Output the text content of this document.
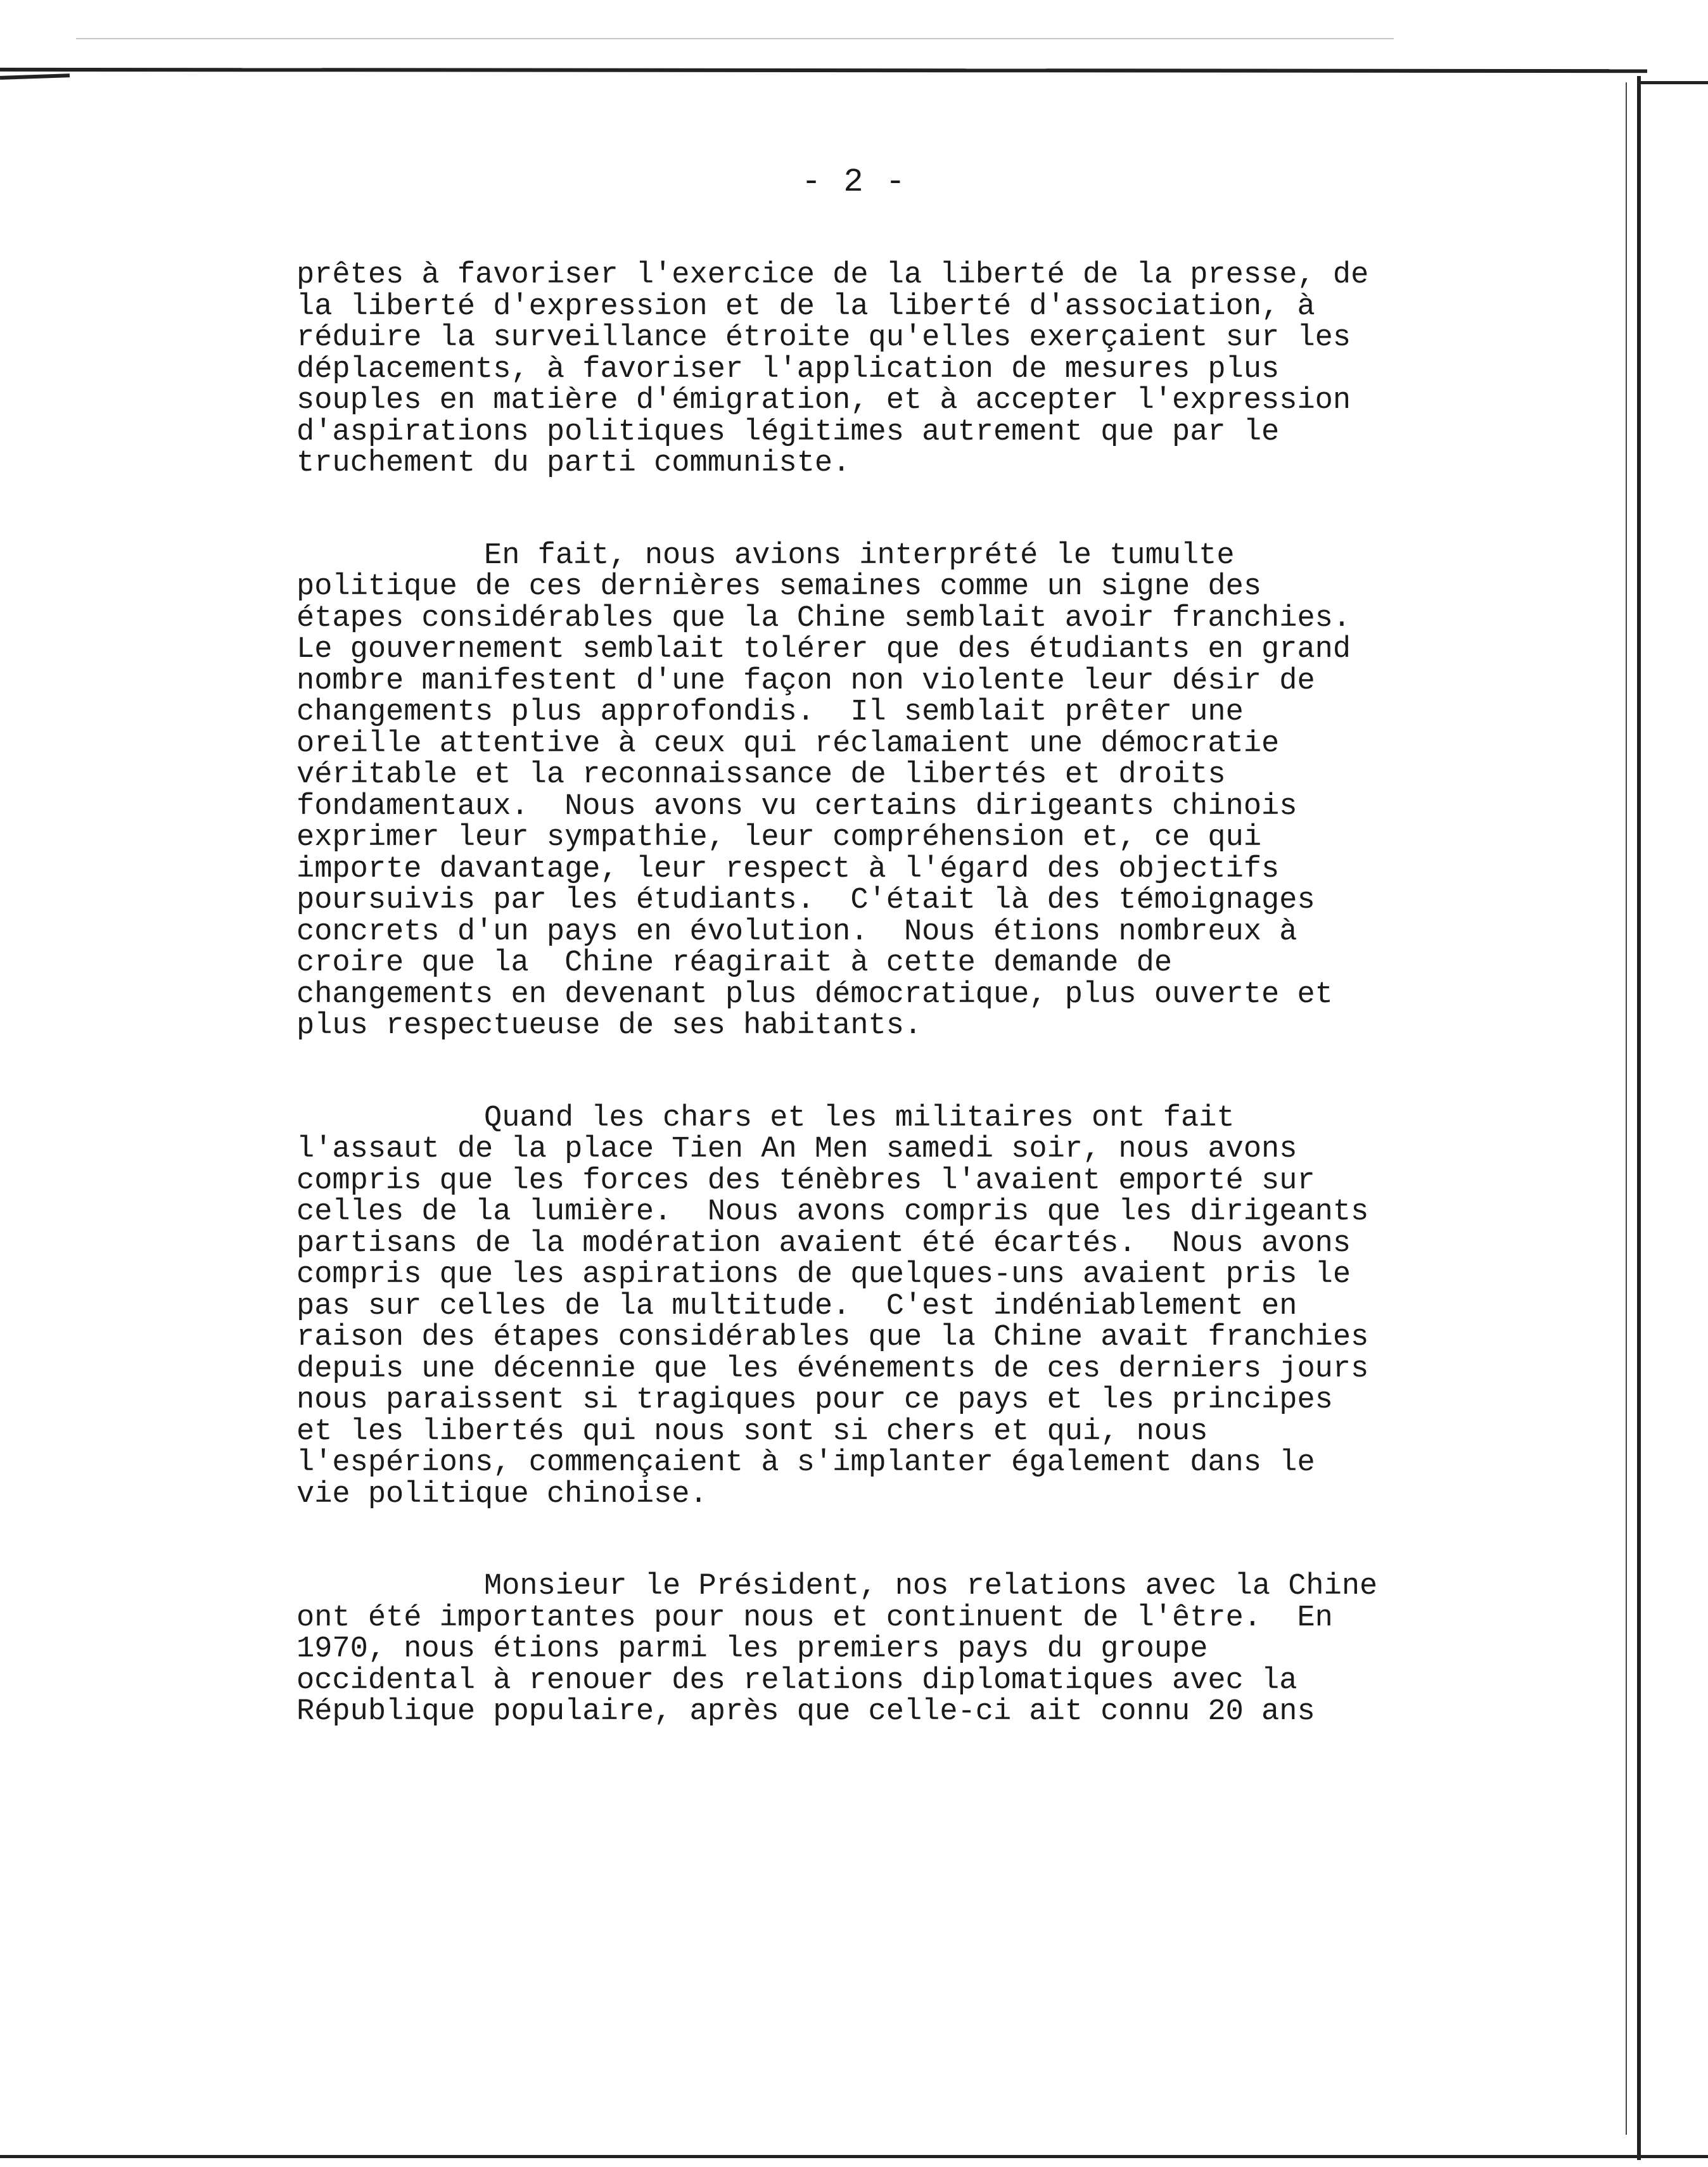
- 2 -

prêtes à favoriser l'exercice de la liberté de la presse, de
la liberté d'expression et de la liberté d'association, à
réduire la surveillance étroite qu'elles exerçaient sur les
déplacements, à favoriser l'application de mesures plus
souples en matière d'émigration, et à accepter l'expression
d'aspirations politiques légitimes autrement que par le
truchement du parti communiste.

En fait, nous avions interprété le tumulte
politique de ces dernières semaines comme un signe des
étapes considérables que la Chine semblait avoir franchies.
Le gouvernement semblait tolérer que des étudiants en grand
nombre manifestent d'une façon non violente leur désir de
changements plus approfondis.  Il semblait prêter une
oreille attentive à ceux qui réclamaient une démocratie
véritable et la reconnaissance de libertés et droits
fondamentaux.  Nous avons vu certains dirigeants chinois
exprimer leur sympathie, leur compréhension et, ce qui
importe davantage, leur respect à l'égard des objectifs
poursuivis par les étudiants.  C'était là des témoignages
concrets d'un pays en évolution.  Nous étions nombreux à
croire que la  Chine réagirait à cette demande de
changements en devenant plus démocratique, plus ouverte et
plus respectueuse de ses habitants.

Quand les chars et les militaires ont fait
l'assaut de la place Tien An Men samedi soir, nous avons
compris que les forces des ténèbres l'avaient emporté sur
celles de la lumière.  Nous avons compris que les dirigeants
partisans de la modération avaient été écartés.  Nous avons
compris que les aspirations de quelques-uns avaient pris le
pas sur celles de la multitude.  C'est indéniablement en
raison des étapes considérables que la Chine avait franchies
depuis une décennie que les événements de ces derniers jours
nous paraissent si tragiques pour ce pays et les principes
et les libertés qui nous sont si chers et qui, nous
l'espérions, commençaient à s'implanter également dans le
vie politique chinoise.

Monsieur le Président, nos relations avec la Chine
ont été importantes pour nous et continuent de l'être.  En
1970, nous étions parmi les premiers pays du groupe
occidental à renouer des relations diplomatiques avec la
République populaire, après que celle-ci ait connu 20 ans
